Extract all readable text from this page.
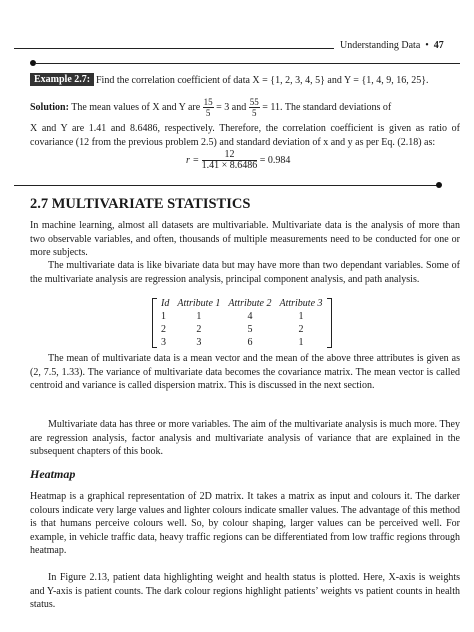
Understanding Data • 47
Example 2.7: Find the correlation coefficient of data X = {1, 2, 3, 4, 5} and Y = {1, 4, 9, 16, 25}.
Solution: The mean values of X and Y are $\frac{15}{5} = 3$ and $\frac{55}{5} = 11$. The standard deviations of
X and Y are 1.41 and 8.6486, respectively. Therefore, the correlation coefficient is given as ratio of covariance (12 from the previous problem 2.5) and standard deviation of x and y as per Eq. (2.18) as:
$r = \frac{12}{1.41 \times 8.6486} = 0.984$
2.7 MULTIVARIATE STATISTICS
In machine learning, almost all datasets are multivariable. Multivariate data is the analysis of more than two observable variables, and often, thousands of multiple measurements need to be conducted for one or more subjects.
The multivariate data is like bivariate data but may have more than two dependant variables. Some of the multivariate analysis are regression analysis, principal component analysis, and path analysis.
Id	Attribute 1	Attribute 2	Attribute 3
1	1	4	1
2	2	5	2
3	3	6	1
The mean of multivariate data is a mean vector and the mean of the above three attributes is given as (2, 7.5, 1.33). The variance of multivariate data becomes the covariance matrix. The mean vector is called centroid and variance is called dispersion matrix. This is discussed in the next section.
Multivariate data has three or more variables. The aim of the multivariate analysis is much more. They are regression analysis, factor analysis and multivariate analysis of variance that are explained in the subsequent chapters of this book.
Heatmap
Heatmap is a graphical representation of 2D matrix. It takes a matrix as input and colours it. The darker colours indicate very large values and lighter colours indicate smaller values. The advantage of this method is that humans perceive colours well. So, by colour shaping, larger values can be perceived well. For example, in vehicle traffic data, heavy traffic regions can be differentiated from low traffic regions through heatmap.
In Figure 2.13, patient data highlighting weight and health status is plotted. Here, X-axis is weights and Y-axis is patient counts. The dark colour regions highlight patients’ weights vs patient counts in health status.
